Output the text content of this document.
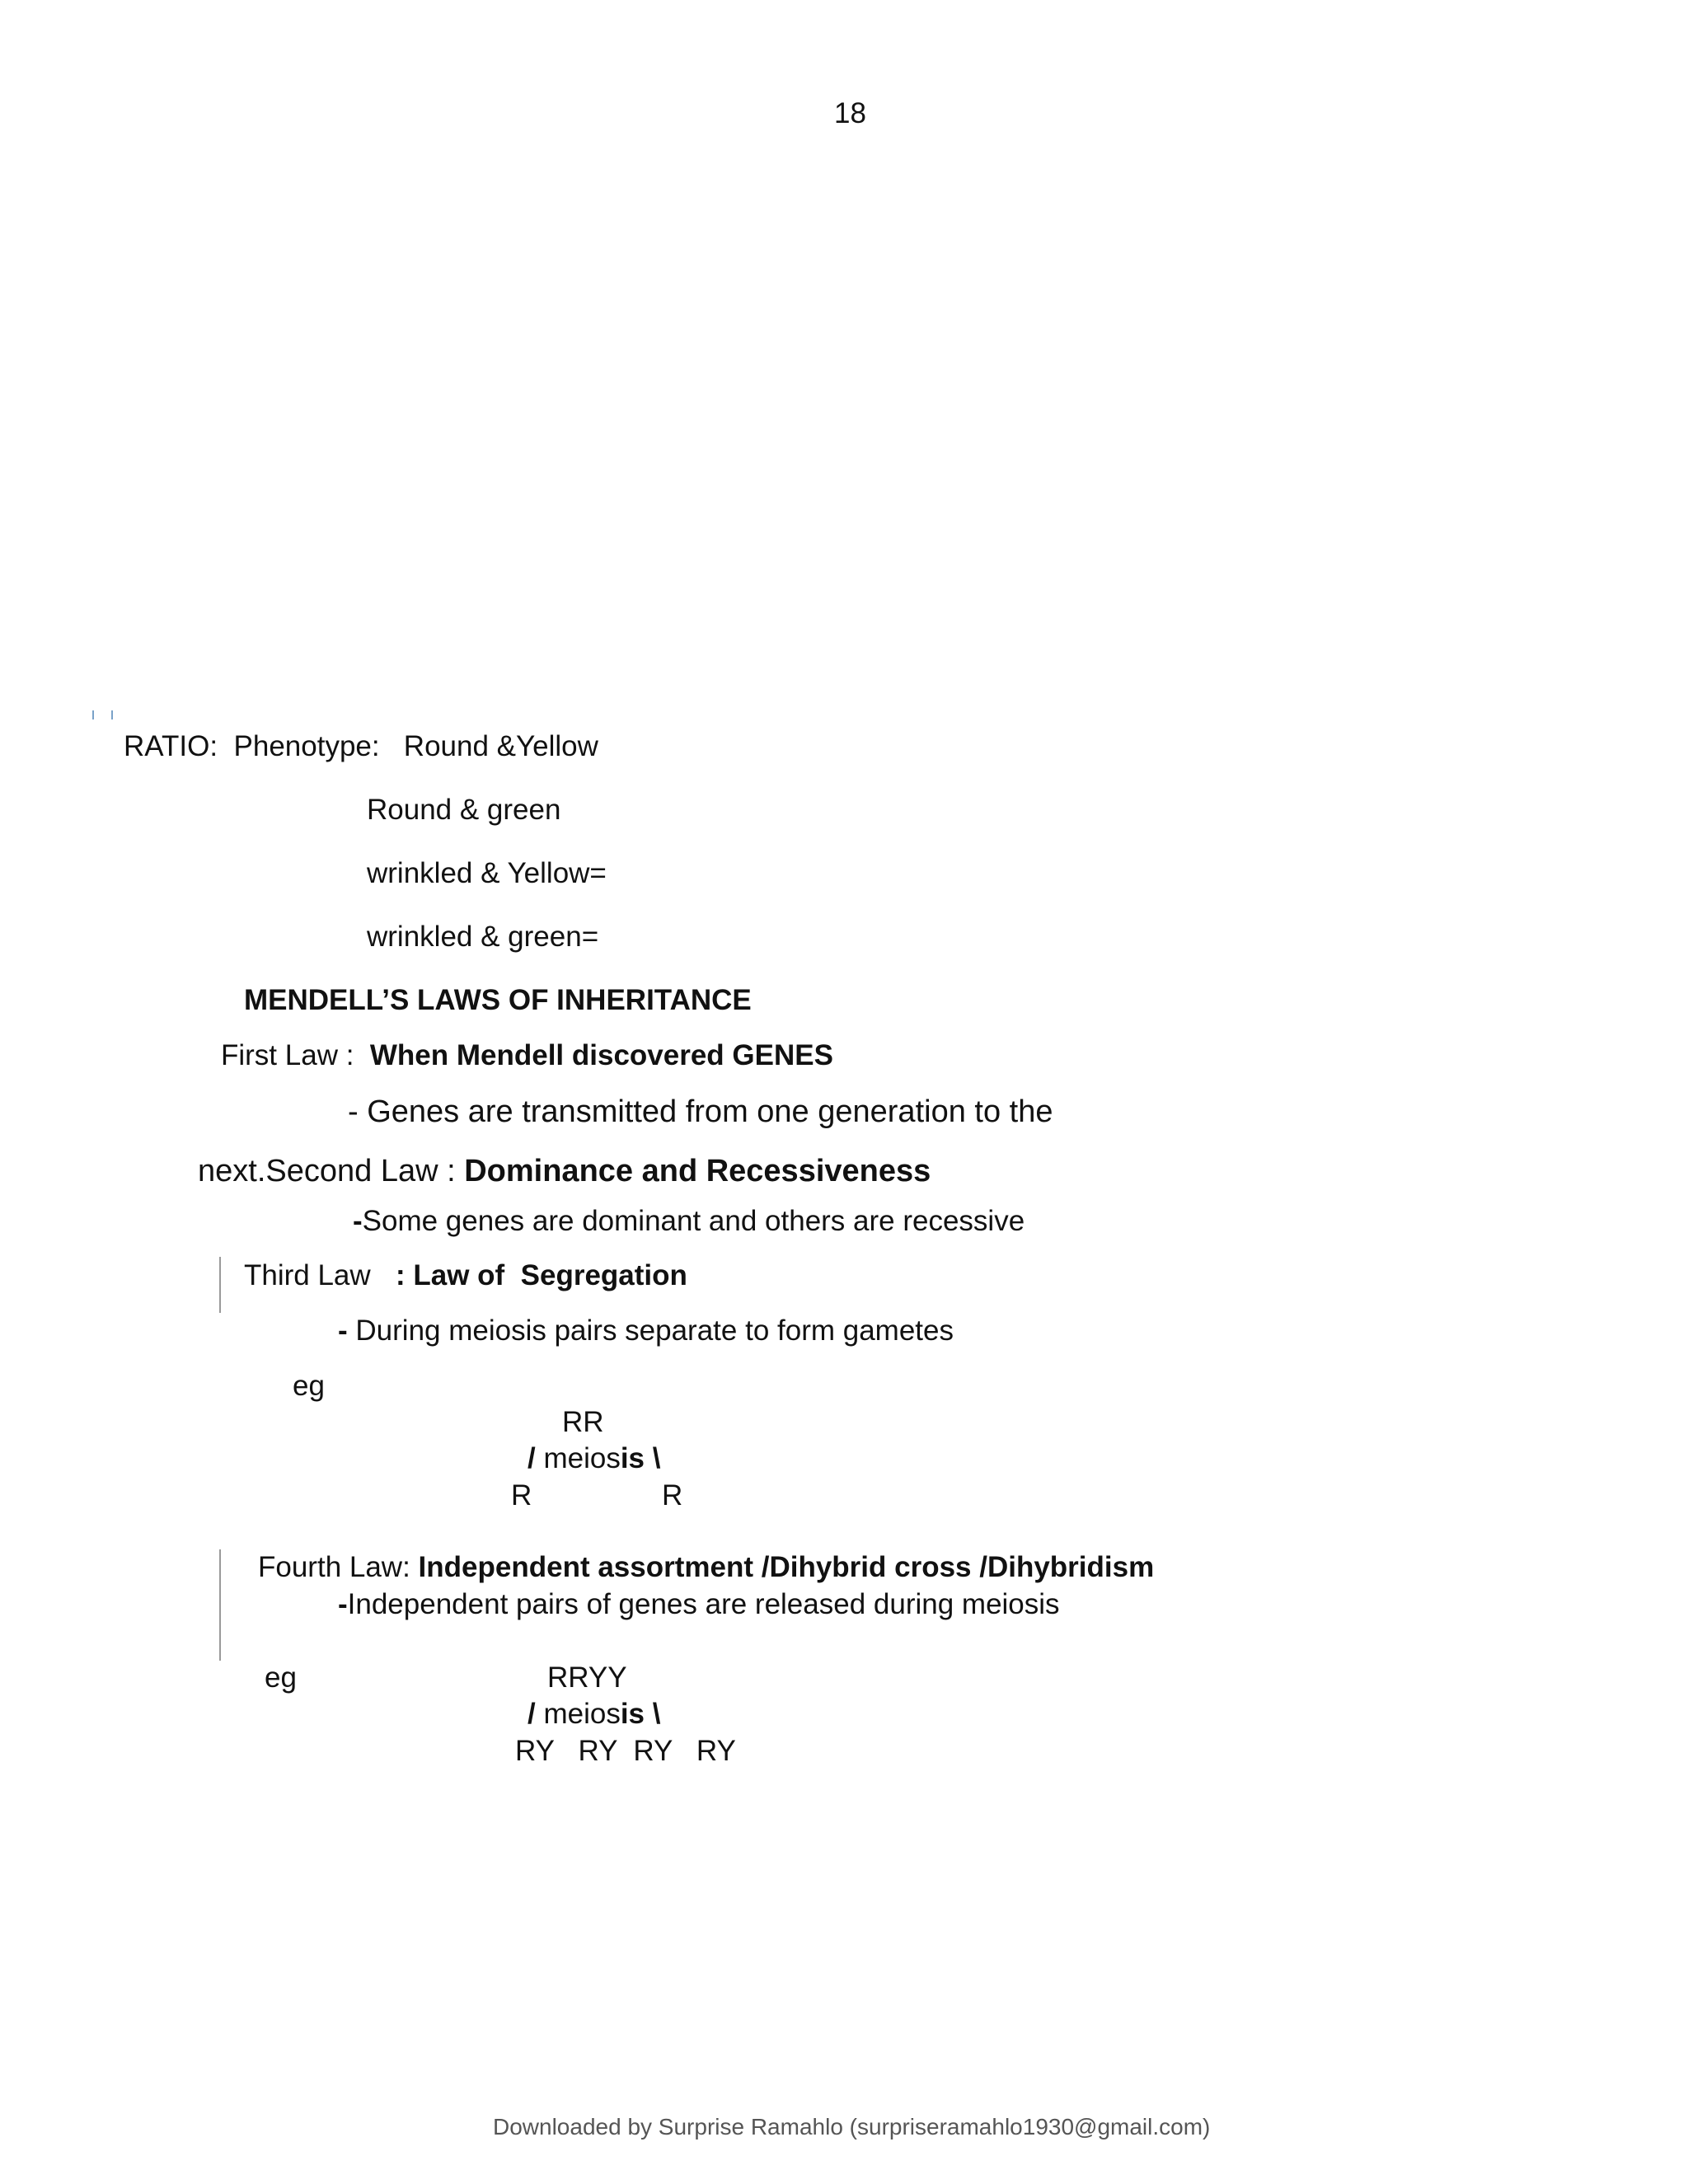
18
RATIO:  Phenotype: Round &Yellow
Round & green
wrinkled & Yellow=
wrinkled & green=
MENDELL’S LAWS OF INHERITANCE
First Law :  When Mendell discovered GENES
- Genes are transmitted from one generation to the
next.Second Law : Dominance and Recessiveness
-Some genes are dominant and others are recessive
Third Law : Law of  Segregation
- During meiosis pairs separate to form gametes
eg
RR
/ meiosis \
R	R
Fourth Law: Independent assortment /Dihybrid cross /Dihybridism
-Independent pairs of genes are released during meiosis
eg	RRYY
/ meiosis \
RY   RY  RY   RY
Downloaded by Surprise Ramahlo (surpriseramahlo1930@gmail.com)
